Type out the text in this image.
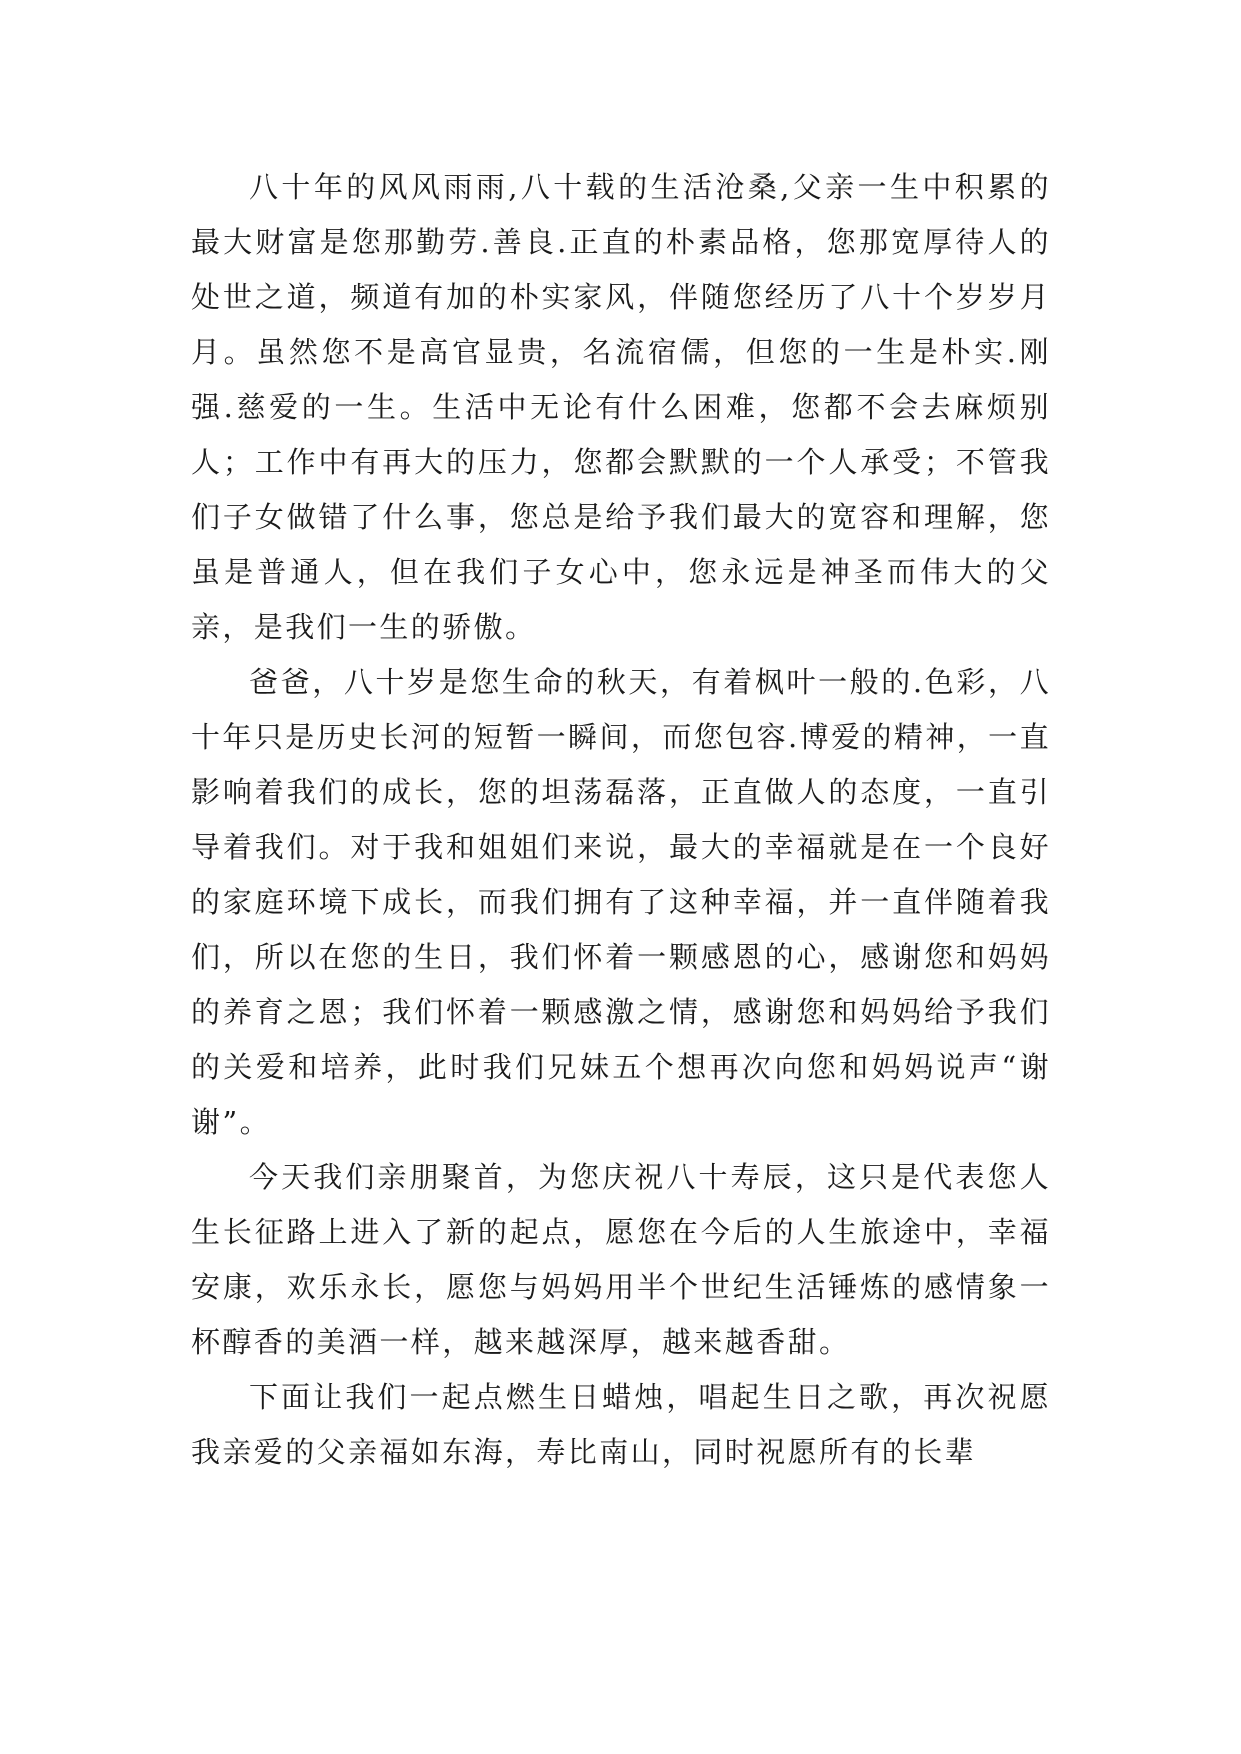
八十年的风风雨雨,八十载的生活沧桑,父亲一生中积累的最大财富是您那勤劳.善良.正直的朴素品格，您那宽厚待人的处世之道，频道有加的朴实家风，伴随您经历了八十个岁岁月月。虽然您不是高官显贵，名流宿儒，但您的一生是朴实.刚强.慈爱的一生。生活中无论有什么困难，您都不会去麻烦别人；工作中有再大的压力，您都会默默的一个人承受；不管我们子女做错了什么事，您总是给予我们最大的宽容和理解，您虽是普通人，但在我们子女心中，您永远是神圣而伟大的父亲，是我们一生的骄傲。

爸爸，八十岁是您生命的秋天，有着枫叶一般的.色彩，八十年只是历史长河的短暂一瞬间，而您包容.博爱的精神，一直影响着我们的成长，您的坦荡磊落，正直做人的态度，一直引导着我们。对于我和姐姐们来说，最大的幸福就是在一个良好的家庭环境下成长，而我们拥有了这种幸福，并一直伴随着我们，所以在您的生日，我们怀着一颗感恩的心，感谢您和妈妈的养育之恩；我们怀着一颗感激之情，感谢您和妈妈给予我们的关爱和培养，此时我们兄妹五个想再次向您和妈妈说声“谢谢”。

今天我们亲朋聚首，为您庆祝八十寿辰，这只是代表您人生长征路上进入了新的起点，愿您在今后的人生旅途中，幸福安康，欢乐永长，愿您与妈妈用半个世纪生活锤炼的感情象一杯醇香的美酒一样，越来越深厚，越来越香甜。

下面让我们一起点燃生日蜡烛，唱起生日之歌，再次祝愿我亲爱的父亲福如东海，寿比南山，同时祝愿所有的长辈
